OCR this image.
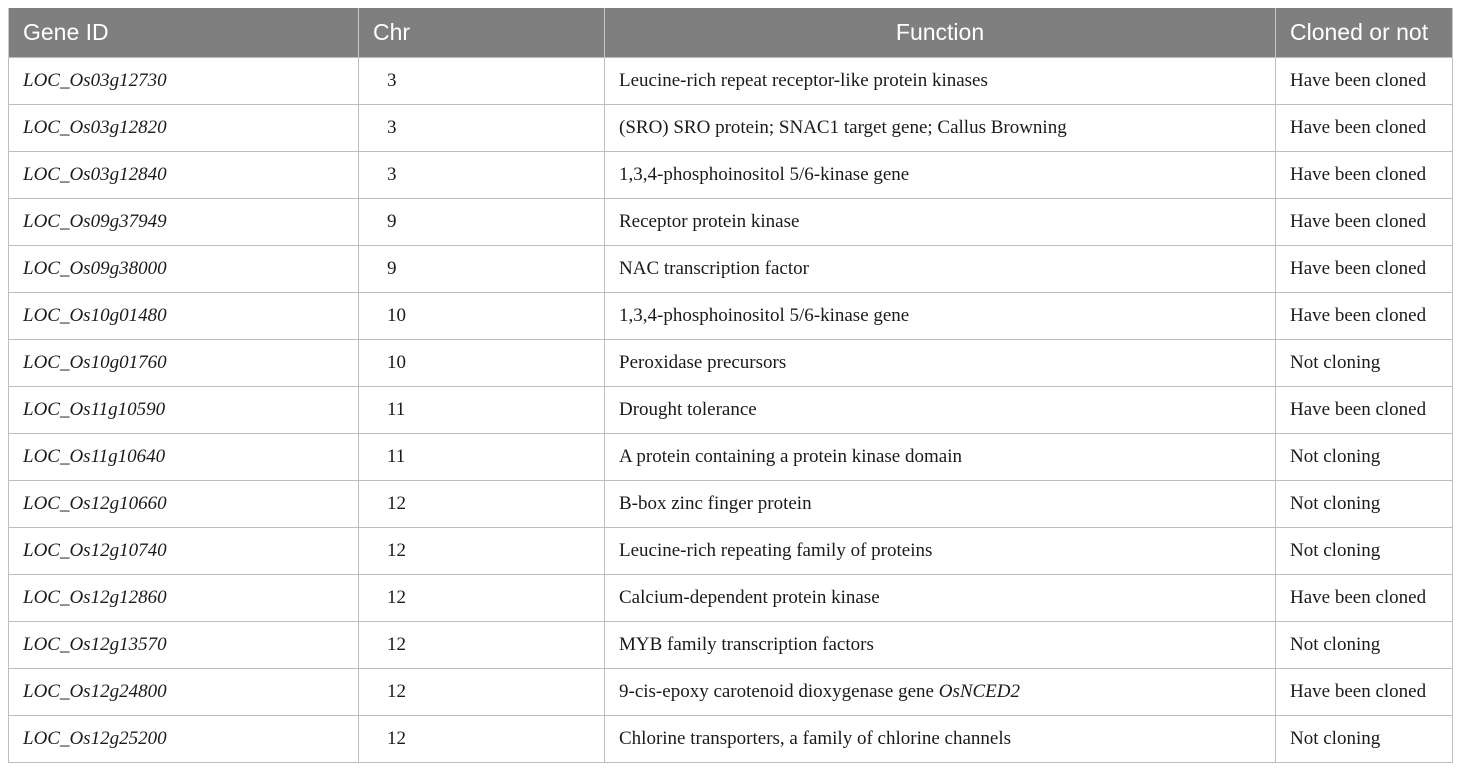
Gene ID	Chr	Function	Cloned or not
LOC_Os03g12730	3	Leucine-rich repeat receptor-like protein kinases	Have been cloned
LOC_Os03g12820	3	(SRO) SRO protein; SNAC1 target gene; Callus Browning	Have been cloned
LOC_Os03g12840	3	1,3,4-phosphoinositol 5/6-kinase gene	Have been cloned
LOC_Os09g37949	9	Receptor protein kinase	Have been cloned
LOC_Os09g38000	9	NAC transcription factor	Have been cloned
LOC_Os10g01480	10	1,3,4-phosphoinositol 5/6-kinase gene	Have been cloned
LOC_Os10g01760	10	Peroxidase precursors	Not cloning
LOC_Os11g10590	11	Drought tolerance	Have been cloned
LOC_Os11g10640	11	A protein containing a protein kinase domain	Not cloning
LOC_Os12g10660	12	B-box zinc finger protein	Not cloning
LOC_Os12g10740	12	Leucine-rich repeating family of proteins	Not cloning
LOC_Os12g12860	12	Calcium-dependent protein kinase	Have been cloned
LOC_Os12g13570	12	MYB family transcription factors	Not cloning
LOC_Os12g24800	12	9-cis-epoxy carotenoid dioxygenase gene OsNCED2	Have been cloned
LOC_Os12g25200	12	Chlorine transporters, a family of chlorine channels	Not cloning
